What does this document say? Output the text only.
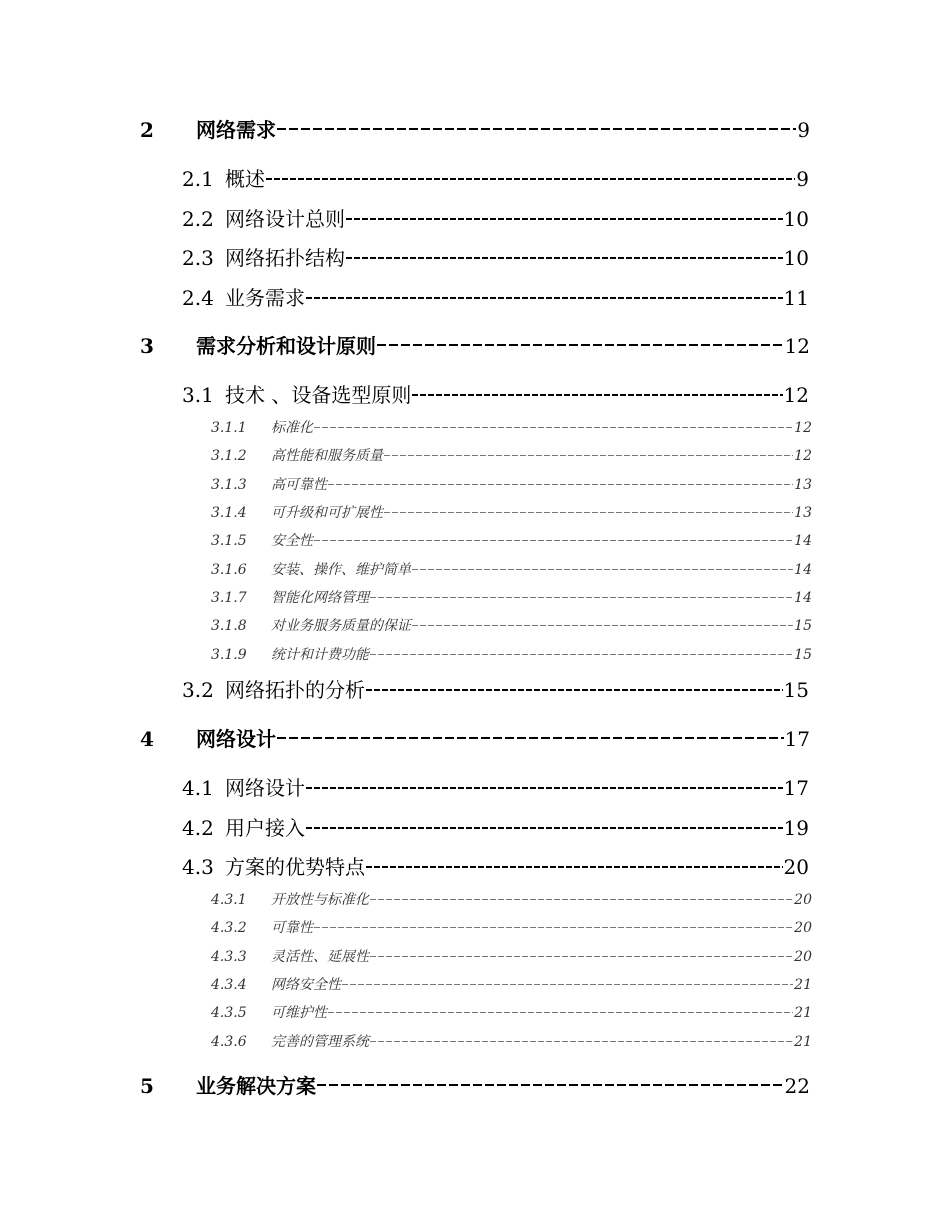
2	网络需求	9
2.1 概述	9
2.2 网络设计总则	10
2.3 网络拓扑结构	10
2.4 业务需求	11
3	需求分析和设计原则	12
3.1 技术 、设备选型原则	12
3.1.1	标准化	12
3.1.2	高性能和服务质量	12
3.1.3	高可靠性	13
3.1.4	可升级和可扩展性	13
3.1.5	安全性	14
3.1.6	安装、操作、维护简单	14
3.1.7	智能化网络管理	14
3.1.8	对业务服务质量的保证	15
3.1.9	统计和计费功能	15
3.2 网络拓扑的分析	15
4	网络设计	17
4.1 网络设计	17
4.2 用户接入	19
4.3 方案的优势特点	20
4.3.1	开放性与标准化	20
4.3.2	可靠性	20
4.3.3	灵活性、延展性	20
4.3.4	网络安全性	21
4.3.5	可维护性	21
4.3.6	完善的管理系统	21
5	业务解决方案	22
